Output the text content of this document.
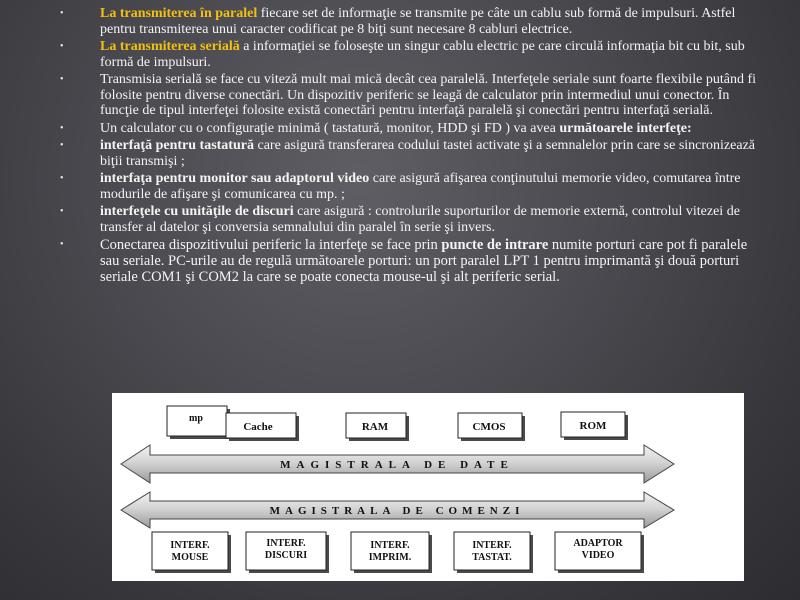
•	La transmiterea în paralel fiecare set de informaţie se transmite pe câte un cablu sub formă de impulsuri. Astfel pentru transmiterea unui caracter codificat pe 8 biţi sunt necesare 8 cabluri electrice.
•	La transmiterea serială a informaţiei se foloseşte un singur cablu electric pe care circulă informaţia bit cu bit, sub formă de impulsuri.
•	Transmisia serială se face cu viteză mult mai mică decât cea paralelă. Interfeţele seriale sunt foarte flexibile putând fi folosite pentru diverse conectări. Un dispozitiv periferic se leagă de calculator prin intermediul unui conector. În funcţie de tipul interfeţei folosite există conectări pentru interfaţă paralelă şi conectări pentru interfaţă serială.
•	Un calculator cu o configuraţie minimă ( tastatură, monitor, HDD şi FD ) va avea următoarele interfeţe:
•	interfaţă pentru tastatură care asigură transferarea codului tastei activate şi a semnalelor prin care se sincronizează biţii transmişi ;
•	interfaţa pentru monitor sau adaptorul video care asigură afişarea conţinutului memorie video, comutarea între modurile de afişare şi comunicarea cu mp. ;
•	interfeţele cu unităţile de discuri care asigură : controlurile suporturilor de memorie externă, controlul vitezei de transfer al datelor şi conversia semnalului din paralel în serie şi invers.
•	Conectarea dispozitivului periferic la interfeţe se face prin puncte de intrare numite porturi care pot fi paralele sau seriale. PC-urile au de regulă următoarele porturi: un port paralel LPT 1 pentru imprimantă şi două porturi seriale COM1 şi COM2 la care se poate conecta mouse-ul şi alt periferic serial.
mp
Cache	RAM	CMOS	ROM
MAGISTRALA DE DATE
MAGISTRALA DE COMENZI
INTERF.
MOUSE
INTERF.
DISCURI
INTERF.
IMPRIM.
INTERF.
TASTAT.
ADAPTOR
VIDEO
